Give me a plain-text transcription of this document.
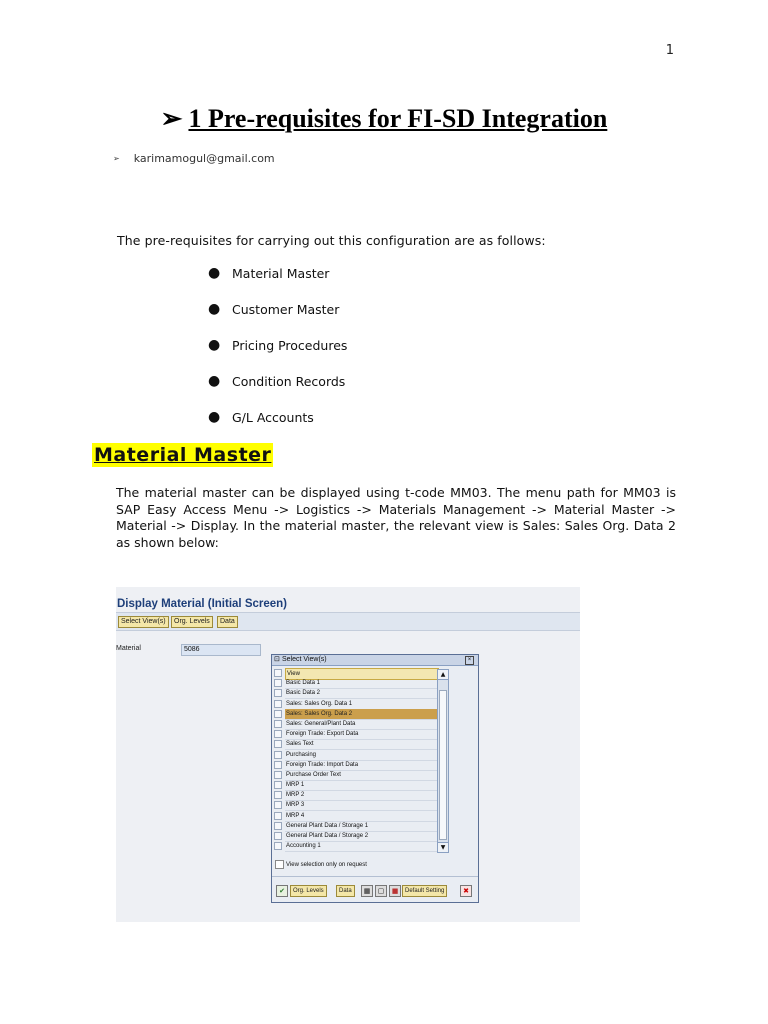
1
➢ 1 Pre-requisites for FI-SD Integration
➢ karimamogul@gmail.com
The pre-requisites for carrying out this configuration are as follows:
● Material Master
● Customer Master
● Pricing Procedures
● Condition Records
● G/L Accounts
Material Master
The material master can be displayed using t-code MM03. The menu path for MM03 is SAP Easy Access Menu -> Logistics -> Materials Management -> Material Master -> Material -> Display. In the material master, the relevant view is Sales: Sales Org. Data 2 as shown below:
Display Material (Initial Screen)
Select View(s)	Org. Levels	Data
Material	5086
⊡ Select View(s)	×
View
Basic Data 1
Basic Data 2
Sales: Sales Org. Data 1
Sales: Sales Org. Data 2
Sales: General/Plant Data
Foreign Trade: Export Data
Sales Text
Purchasing
Foreign Trade: Import Data
Purchase Order Text
MRP 1
MRP 2
MRP 3
MRP 4
General Plant Data / Storage 1
General Plant Data / Storage 2
Accounting 1
▲
▼
View selection only on request
✔	Org. Levels	Data	▦	▢	■	Default Setting	✖
